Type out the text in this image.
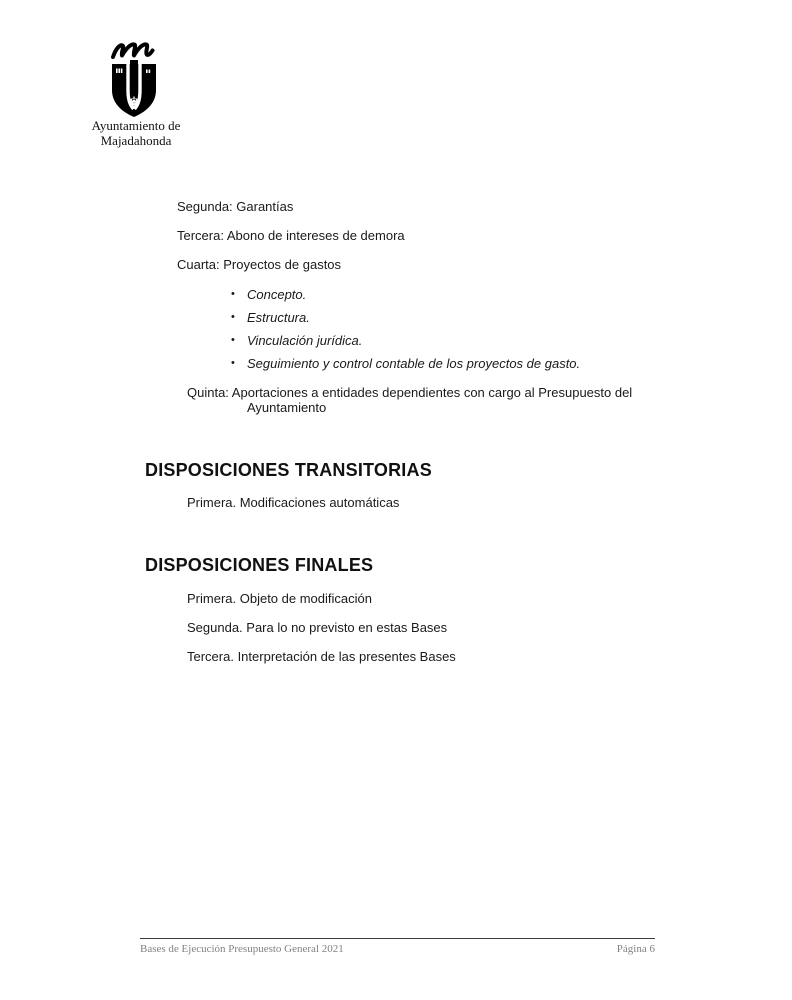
Ayuntamiento de
Majadahonda
Segunda: Garantías
Tercera: Abono de intereses de demora
Cuarta: Proyectos de gastos
• Concepto.
• Estructura.
• Vinculación jurídica.
• Seguimiento y control contable de los proyectos de gasto.
Quinta: Aportaciones a entidades dependientes con cargo al Presupuesto del
Ayuntamiento
DISPOSICIONES TRANSITORIAS
Primera. Modificaciones automáticas
DISPOSICIONES FINALES
Primera. Objeto de modificación
Segunda. Para lo no previsto en estas Bases
Tercera. Interpretación de las presentes Bases
Bases de Ejecución Presupuesto General 2021	Página 6
